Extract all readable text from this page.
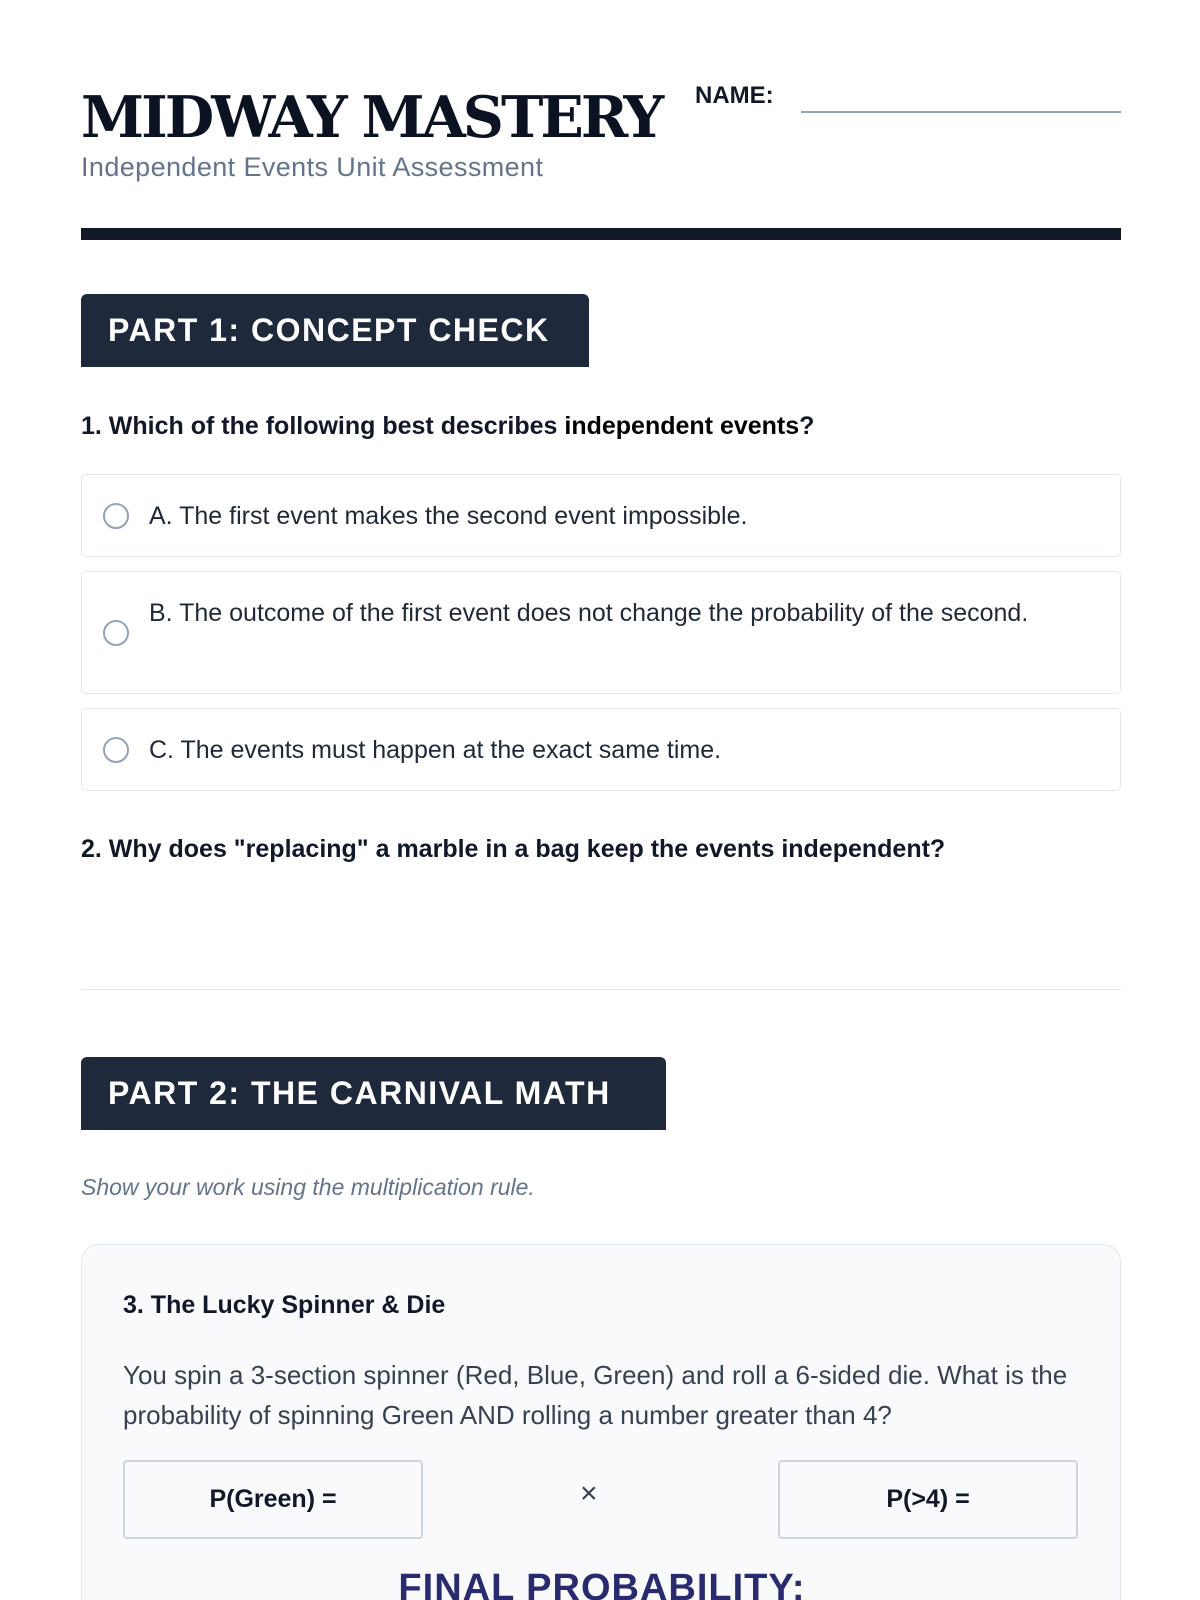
MIDWAY MASTERY
Independent Events Unit Assessment
NAME:
PART 1: CONCEPT CHECK
1. Which of the following best describes independent events?
A. The first event makes the second event impossible.
B. The outcome of the first event does not change the probability of the second.
C. The events must happen at the exact same time.
2. Why does "replacing" a marble in a bag keep the events independent?
PART 2: THE CARNIVAL MATH
Show your work using the multiplication rule.
3. The Lucky Spinner & Die
You spin a 3-section spinner (Red, Blue, Green) and roll a 6-sided die. What is the probability of spinning Green AND rolling a number greater than 4?
P(Green) =	×	P(>4) =
FINAL PROBABILITY:
